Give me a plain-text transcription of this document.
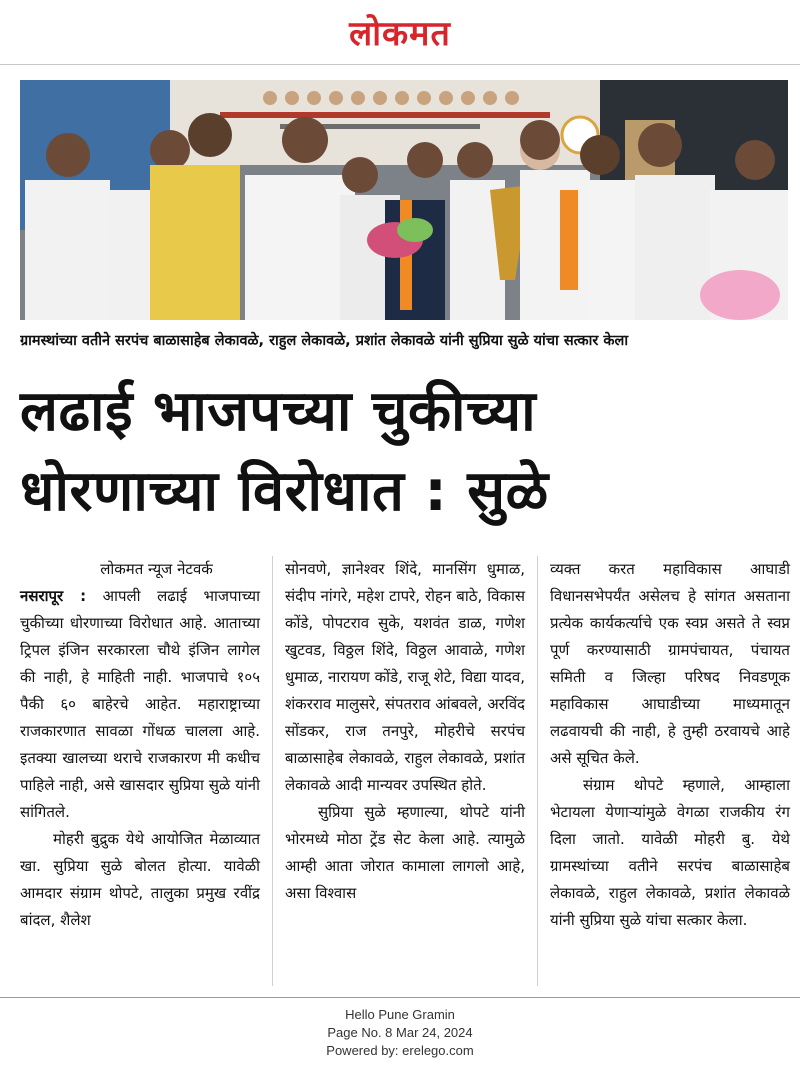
लोकमत
ग्रामस्थांच्या वतीने सरपंच बाळासाहेब लेकावळे, राहुल लेकावळे, प्रशांत लेकावळे यांनी सुप्रिया सुळे यांचा सत्कार केला
लढाई भाजपच्या चुकीच्या
धोरणाच्या विरोधात : सुळे

लोकमत न्यूज नेटवर्क

नसरापूर : आपली लढाई भाजपाच्या चुकीच्या धोरणाच्या विरोधात आहे. आताच्या ट्रिपल इंजिन सरकारला चौथे इंजिन लागेल की नाही, हे माहिती नाही. भाजपाचे १०५ पैकी ६० बाहेरचे आहेत. महाराष्ट्राच्या राजकारणात सावळा गोंधळ चालला आहे. इतक्या खालच्या थराचे राजकारण मी कधीच पाहिले नाही, असे खासदार सुप्रिया सुळे यांनी सांगितले.

मोहरी बुद्रुक येथे आयोजित मेळाव्यात खा. सुप्रिया सुळे बोलत होत्या. यावेळी आमदार संग्राम थोपटे, तालुका प्रमुख रवींद्र बांदल, शैलेश

सोनवणे, ज्ञानेश्वर शिंदे, मानसिंग धुमाळ, संदीप नांगरे, महेश टापरे, रोहन बाठे, विकास कोंडे, पोपटराव सुके, यशवंत डाळ, गणेश खुटवड, विठ्ठल शिंदे, विठ्ठल आवाळे, गणेश धुमाळ, नारायण कोंडे, राजू शेटे, विद्या यादव, शंकरराव मालुसरे, संपतराव आंबवले, अरविंद सोंडकर, राज तनपुरे, मोहरीचे सरपंच बाळासाहेब लेकावळे, राहुल लेकावळे, प्रशांत लेकावळे आदी मान्यवर उपस्थित होते.

सुप्रिया सुळे म्हणाल्या, थोपटे यांनी भोरमध्ये मोठा ट्रेंड सेट केला आहे. त्यामुळे आम्ही आता जोरात कामाला लागलो आहे, असा विश्वास

व्यक्त करत महाविकास आघाडी विधानसभेपर्यंत असेलच हे सांगत असताना प्रत्येक कार्यकर्त्याचे एक स्वप्न असते ते स्वप्न पूर्ण करण्यासाठी ग्रामपंचायत, पंचायत समिती व जिल्हा परिषद निवडणूक महाविकास आघाडीच्या माध्यमातून लढवायची की नाही, हे तुम्ही ठरवायचे आहे असे सूचित केले.

संग्राम थोपटे म्हणाले, आम्हाला भेटायला येणाऱ्यांमुळे वेगळा राजकीय रंग दिला जातो. यावेळी मोहरी बु. येथे ग्रामस्थांच्या वतीने सरपंच बाळासाहेब लेकावळे, राहुल लेकावळे, प्रशांत लेकावळे यांनी सुप्रिया सुळे यांचा सत्कार केला.

Hello Pune Gramin
Page No. 8 Mar 24, 2024
Powered by: erelego.com
